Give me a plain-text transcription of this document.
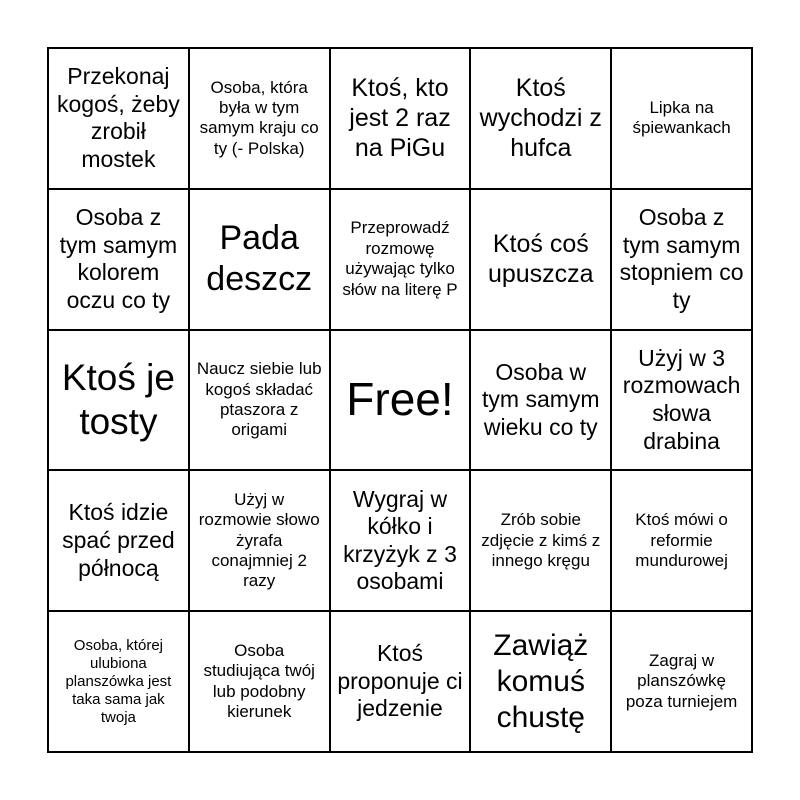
Przekonaj kogoś, żeby zrobił mostek
Osoba, która była w tym samym kraju co ty (- Polska)
Ktoś, kto jest 2 raz na PiGu
Ktoś wychodzi z hufca
Lipka na śpiewankach
Osoba z tym samym kolorem oczu co ty
Pada deszcz
Przeprowadź rozmowę używając tylko słów na literę P
Ktoś coś upuszcza
Osoba z tym samym stopniem co ty
Ktoś je tosty
Naucz siebie lub kogoś składać ptaszora z origami
Free!
Osoba w tym samym wieku co ty
Użyj w 3 rozmowach słowa drabina
Ktoś idzie spać przed północą
Użyj w rozmowie słowo żyrafa conajmniej 2 razy
Wygraj w kółko i krzyżyk z 3 osobami
Zrób sobie zdjęcie z kimś z innego kręgu
Ktoś mówi o reformie mundurowej
Osoba, której ulubiona planszówka jest taka sama jak twoja
Osoba studiująca twój lub podobny kierunek
Ktoś proponuje ci jedzenie
Zawiąż komuś chustę
Zagraj w planszówkę poza turniejem
